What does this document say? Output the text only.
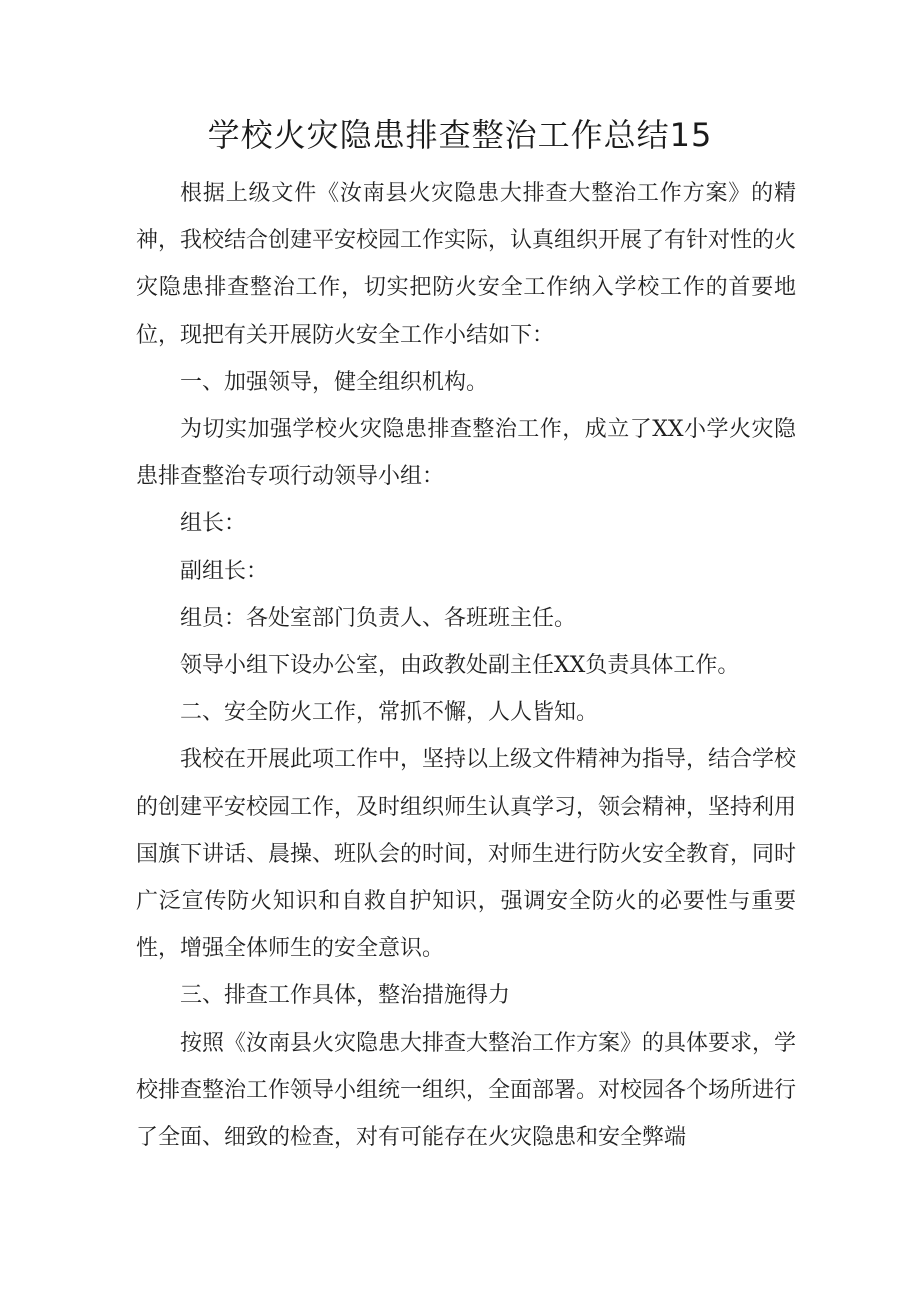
学校火灾隐患排查整治工作总结15

根据上级文件《汝南县火灾隐患大排查大整治工作方案》的精神，我校结合创建平安校园工作实际，认真组织开展了有针对性的火灾隐患排查整治工作，切实把防火安全工作纳入学校工作的首要地位，现把有关开展防火安全工作小结如下：

一、加强领导，健全组织机构。

为切实加强学校火灾隐患排查整治工作，成立了XX小学火灾隐患排查整治专项行动领导小组：

组长：

副组长：

组员：各处室部门负责人、各班班主任。

领导小组下设办公室，由政教处副主任XX负责具体工作。

二、安全防火工作，常抓不懈，人人皆知。

我校在开展此项工作中，坚持以上级文件精神为指导，结合学校的创建平安校园工作，及时组织师生认真学习，领会精神，坚持利用国旗下讲话、晨操、班队会的时间，对师生进行防火安全教育，同时广泛宣传防火知识和自救自护知识，强调安全防火的必要性与重要性，增强全体师生的安全意识。

三、排查工作具体，整治措施得力

按照《汝南县火灾隐患大排查大整治工作方案》的具体要求，学校排查整治工作领导小组统一组织，全面部署。对校园各个场所进行了全面、细致的检查，对有可能存在火灾隐患和安全弊端
